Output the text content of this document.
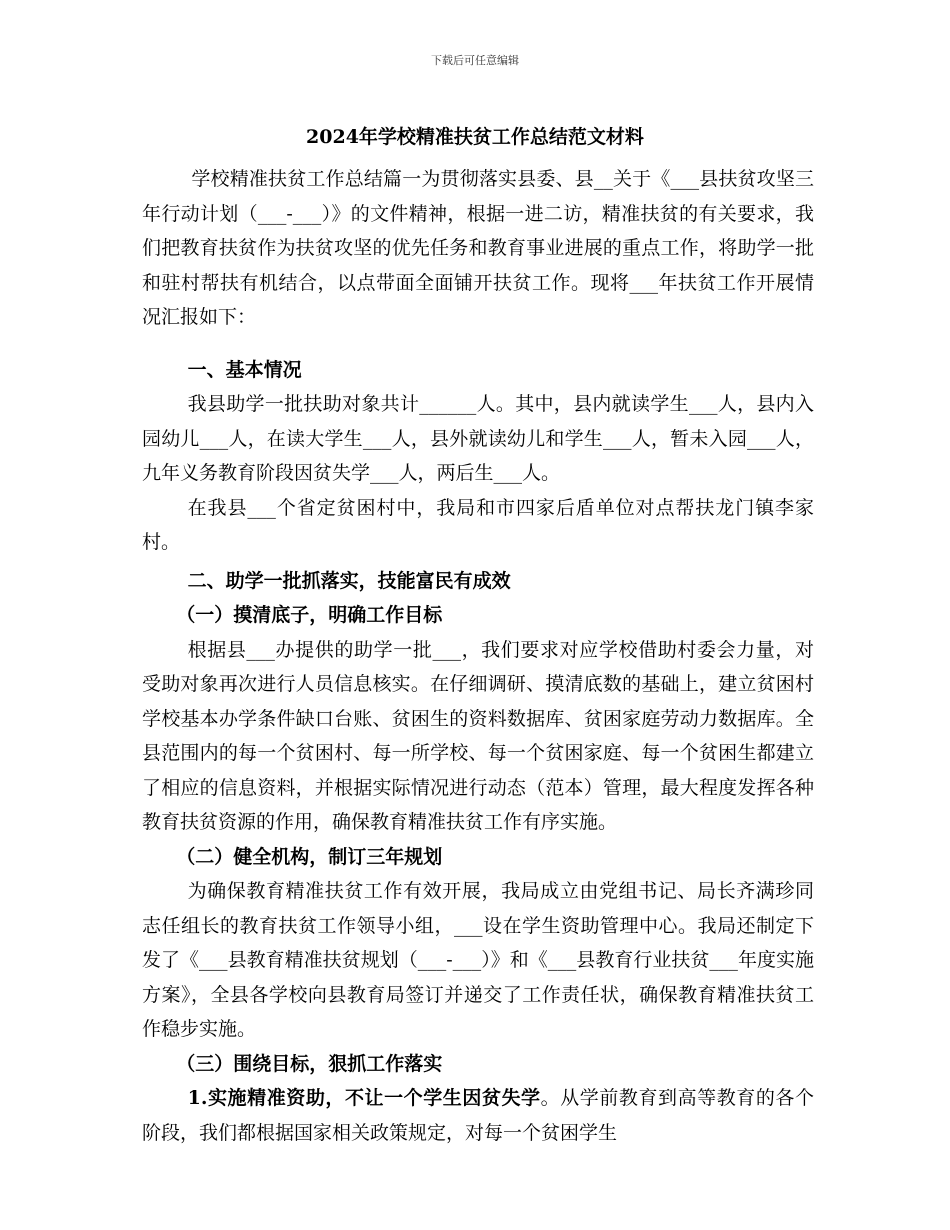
下载后可任意编辑
2024年学校精准扶贫工作总结范文材料

学校精准扶贫工作总结篇一为贯彻落实县委、县__关于《___县扶贫攻坚三年行动计划（___-___）》的文件精神，根据一进二访，精准扶贫的有关要求，我们把教育扶贫作为扶贫攻坚的优先任务和教育事业进展的重点工作，将助学一批和驻村帮扶有机结合，以点带面全面铺开扶贫工作。现将___年扶贫工作开展情况汇报如下：

一、基本情况

我县助学一批扶助对象共计______人。其中，县内就读学生___人，县内入园幼儿___人，在读大学生___人，县外就读幼儿和学生___人，暂未入园___人，九年义务教育阶段因贫失学___人，两后生___人。

在我县___个省定贫困村中，我局和市四家后盾单位对点帮扶龙门镇李家村。

二、助学一批抓落实，技能富民有成效

（一）摸清底子，明确工作目标

根据县___办提供的助学一批___，我们要求对应学校借助村委会力量，对受助对象再次进行人员信息核实。在仔细调研、摸清底数的基础上，建立贫困村学校基本办学条件缺口台账、贫困生的资料数据库、贫困家庭劳动力数据库。全县范围内的每一个贫困村、每一所学校、每一个贫困家庭、每一个贫困生都建立了相应的信息资料，并根据实际情况进行动态（范本）管理，最大程度发挥各种教育扶贫资源的作用，确保教育精准扶贫工作有序实施。

（二）健全机构，制订三年规划

为确保教育精准扶贫工作有效开展，我局成立由党组书记、局长齐满珍同志任组长的教育扶贫工作领导小组，___设在学生资助管理中心。我局还制定下发了《___县教育精准扶贫规划（___-___）》和《___县教育行业扶贫___年度实施方案》，全县各学校向县教育局签订并递交了工作责任状，确保教育精准扶贫工作稳步实施。

（三）围绕目标，狠抓工作落实

1.实施精准资助，不让一个学生因贫失学。从学前教育到高等教育的各个阶段，我们都根据国家相关政策规定，对每一个贫困学生
